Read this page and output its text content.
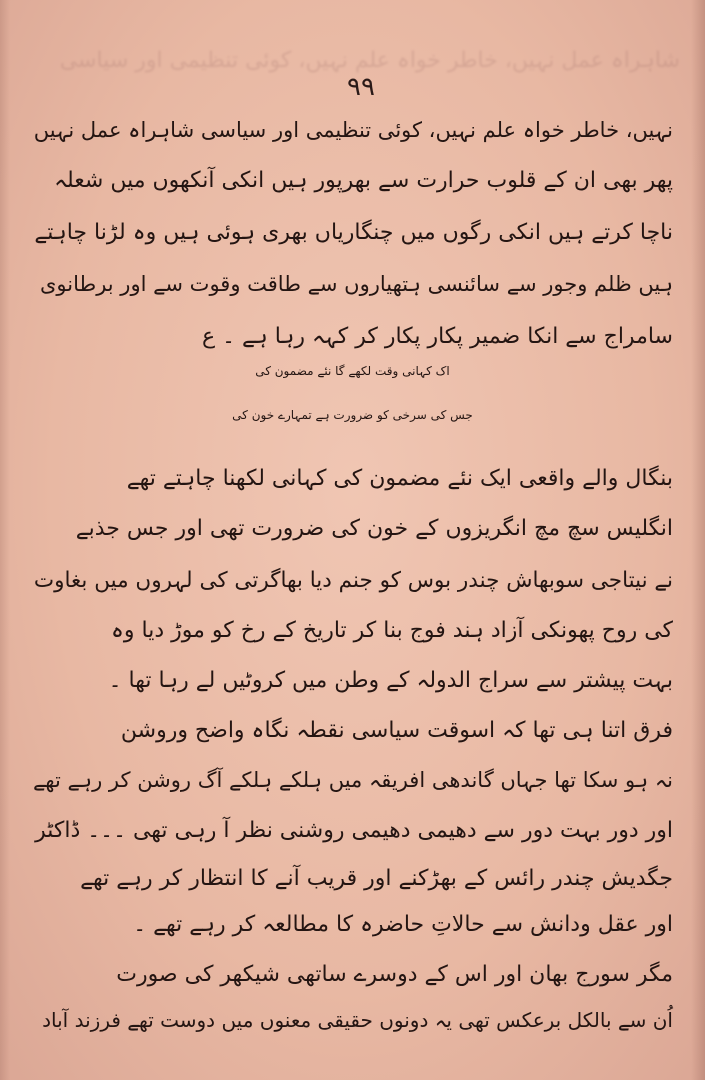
شاہراہ عمل نہیں، خاطر خواہ علم نہیں، کوئی تنظیمی اور سیاسی
۹۹
نہیں، خاطر خواہ علم نہیں، کوئی تنظیمی اور سیاسی شاہراہ عمل نہیں
پھر بھی ان کے قلوب حرارت سے بھرپور ہیں انکی آنکھوں میں شعلہ
ناچا کرتے ہیں انکی رگوں میں چنگاریاں بھری ہوئی ہیں وہ لڑنا چاہتے
ہیں ظلم وجور سے سائنسی ہتھیاروں سے طاقت وقوت سے اور برطانوی
سامراج سے انکا ضمیر پکار پکار کر کہہ رہا ہے ۔ ع
اک کہانی وقت لکھے گا نئے مضمون کی
جس کی سرخی کو ضرورت ہے تمہارے خون کی
بنگال والے واقعی ایک نئے مضمون کی کہانی لکھنا چاہتے تھے
انگلیس سچ مچ انگریزوں کے خون کی ضرورت تھی اور جس جذبے
نے نیتاجی سوبھاش چندر بوس کو جنم دیا بھاگرتی کی لہروں میں بغاوت
کی روح پھونکی آزاد ہند فوج بنا کر تاریخ کے رخ کو موڑ دیا وہ
بہت پیشتر سے سراج الدولہ کے وطن میں کروٹیں لے رہا تھا ۔
فرق اتنا ہی تھا کہ اسوقت سیاسی نقطہ نگاہ واضح وروشن
نہ ہو سکا تھا جہاں گاندھی افریقہ میں ہلکے ہلکے آگ روشن کر رہے تھے
اور دور بہت دور سے دھیمی دھیمی روشنی نظر آ رہی تھی ۔۔۔ ڈاکٹر
جگدیش چندر رائس کے بھڑکنے اور قریب آنے کا انتظار کر رہے تھے
اور عقل ودانش سے حالاتِ حاضرہ کا مطالعہ کر رہے تھے ۔
مگر سورج بھان اور اس کے دوسرے ساتھی شیکھر کی صورت
اُن سے بالکل برعکس تھی یہ دونوں حقیقی معنوں میں دوست تھے فرزند آباد
